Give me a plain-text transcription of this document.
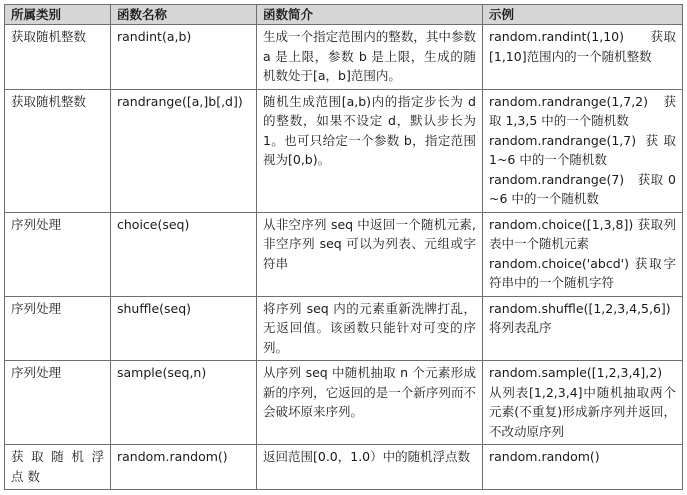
所属类别	函数名称	函数简介	示例
获取随机整数	randint(a,b)	生成一个指定范围内的整数，其中参数 a 是上限，参数 b 是上限，生成的随机数处于[a，b]范围内。	random.randint(1,10)　　获取[1,10]范围内的一个随机整数

获取随机整数	randrange([a,]b[,d])	随机生成范围[a,b)内的指定步长为 d 的整数，如果不设定 d，默认步长为 1。也可只给定一个参数 b，指定范围视为[0,b)。	random.randrange(1,7,2) 获取 1,3,5 中的一个随机数
random.randrange(1,7) 获取 1~6 中的一个随机数
random.randrange(7)　获取 0~6 中的一个随机数

序列处理	choice(seq)	从非空序列 seq 中返回一个随机元素,非空序列 seq 可以为列表、元组或字符串	random.choice([1,3,8]) 获取列表中一个随机元素
random.choice('abcd') 获取字符串中的一个随机字符

序列处理	shuffle(seq)	将序列 seq 内的元素重新洗牌打乱，无返回值。该函数只能针对可变的序列。	random.shuffle([1,2,3,4,5,6]) 将列表乱序

序列处理	sample(seq,n)	从序列 seq 中随机抽取 n 个元素形成新的序列，它返回的是一个新序列而不会破坏原来序列。	random.sample([1,2,3,4],2) 从列表[1,2,3,4]中随机抽取两个元素(不重复)形成新序列并返回，不改动原序列

获 取 随 机 浮 点 数	random.random()	返回范围[0.0，1.0）中的随机浮点数	random.random()
